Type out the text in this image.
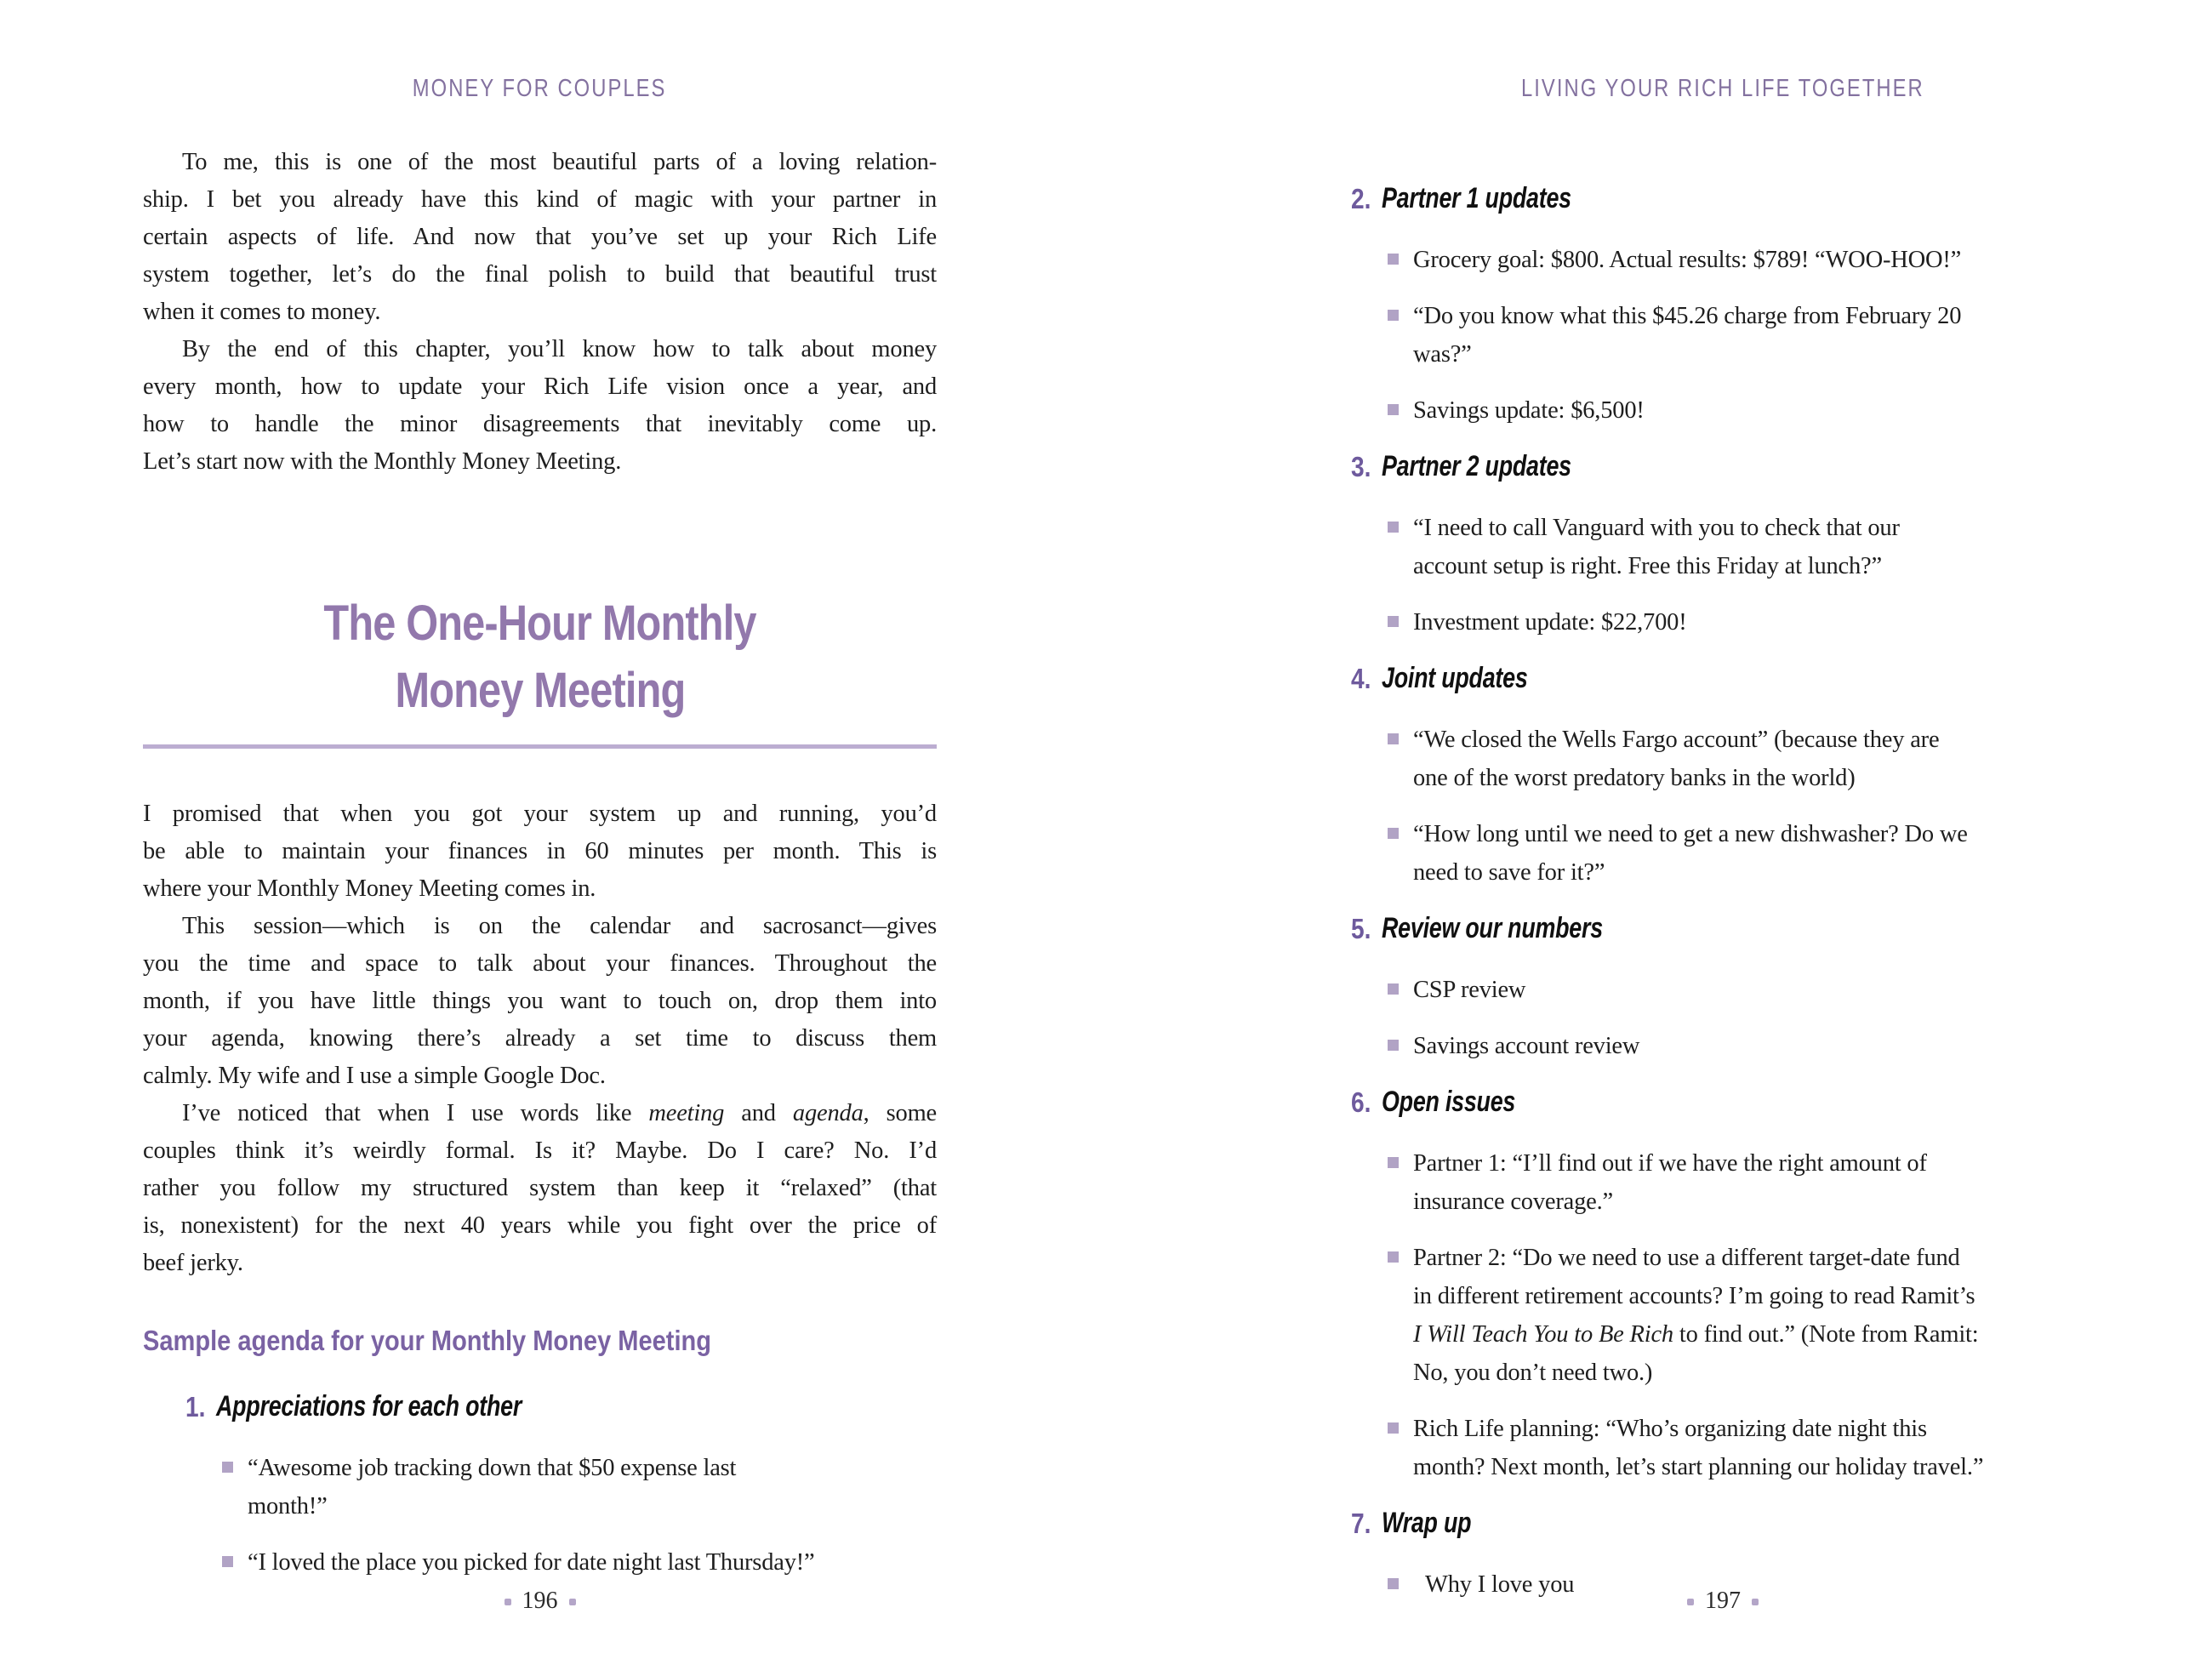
MONEY FOR COUPLES

To me, this is one of the most beautiful parts of a loving relation-
ship. I bet you already have this kind of magic with your partner in
certain aspects of life. And now that you’ve set up your Rich Life
system together, let’s do the final polish to build that beautiful trust
when it comes to money.

By the end of this chapter, you’ll know how to talk about money
every month, how to update your Rich Life vision once a year, and
how to handle the minor disagreements that inevitably come up.
Let’s start now with the Monthly Money Meeting.

The One-Hour Monthly
Money Meeting

I promised that when you got your system up and running, you’d
be able to maintain your finances in 60 minutes per month. This is
where your Monthly Money Meeting comes in.

This session—which is on the calendar and sacrosanct—gives
you the time and space to talk about your finances. Throughout the
month, if you have little things you want to touch on, drop them into
your agenda, knowing there’s already a set time to discuss them
calmly. My wife and I use a simple Google Doc.

I’ve noticed that when I use words like meeting and agenda, some
couples think it’s weirdly formal. Is it? Maybe. Do I care? No. I’d
rather you follow my structured system than keep it “relaxed” (that
is, nonexistent) for the next 40 years while you fight over the price of
beef jerky.

Sample agenda for your Monthly Money Meeting
1. Appreciations for each other
“Awesome job tracking down that $50 expense last
month!”
“I loved the place you picked for date night last Thursday!”
196
LIVING YOUR RICH LIFE TOGETHER
2. Partner 1 updates
Grocery goal: $800. Actual results: $789! “WOO-HOO!”
“Do you know what this $45.26 charge from February 20
was?”
Savings update: $6,500!
3. Partner 2 updates
“I need to call Vanguard with you to check that our
account setup is right. Free this Friday at lunch?”
Investment update: $22,700!
4. Joint updates
“We closed the Wells Fargo account” (because they are
one of the worst predatory banks in the world)
“How long until we need to get a new dishwasher? Do we
need to save for it?”
5. Review our numbers
CSP review
Savings account review
6. Open issues
Partner 1: “I’ll find out if we have the right amount of
insurance coverage.”
Partner 2: “Do we need to use a different target-date fund
in different retirement accounts? I’m going to read Ramit’s
I Will Teach You to Be Rich to find out.” (Note from Ramit:
No, you don’t need two.)
Rich Life planning: “Who’s organizing date night this
month? Next month, let’s start planning our holiday travel.”
7. Wrap up
 Why I love you
197
